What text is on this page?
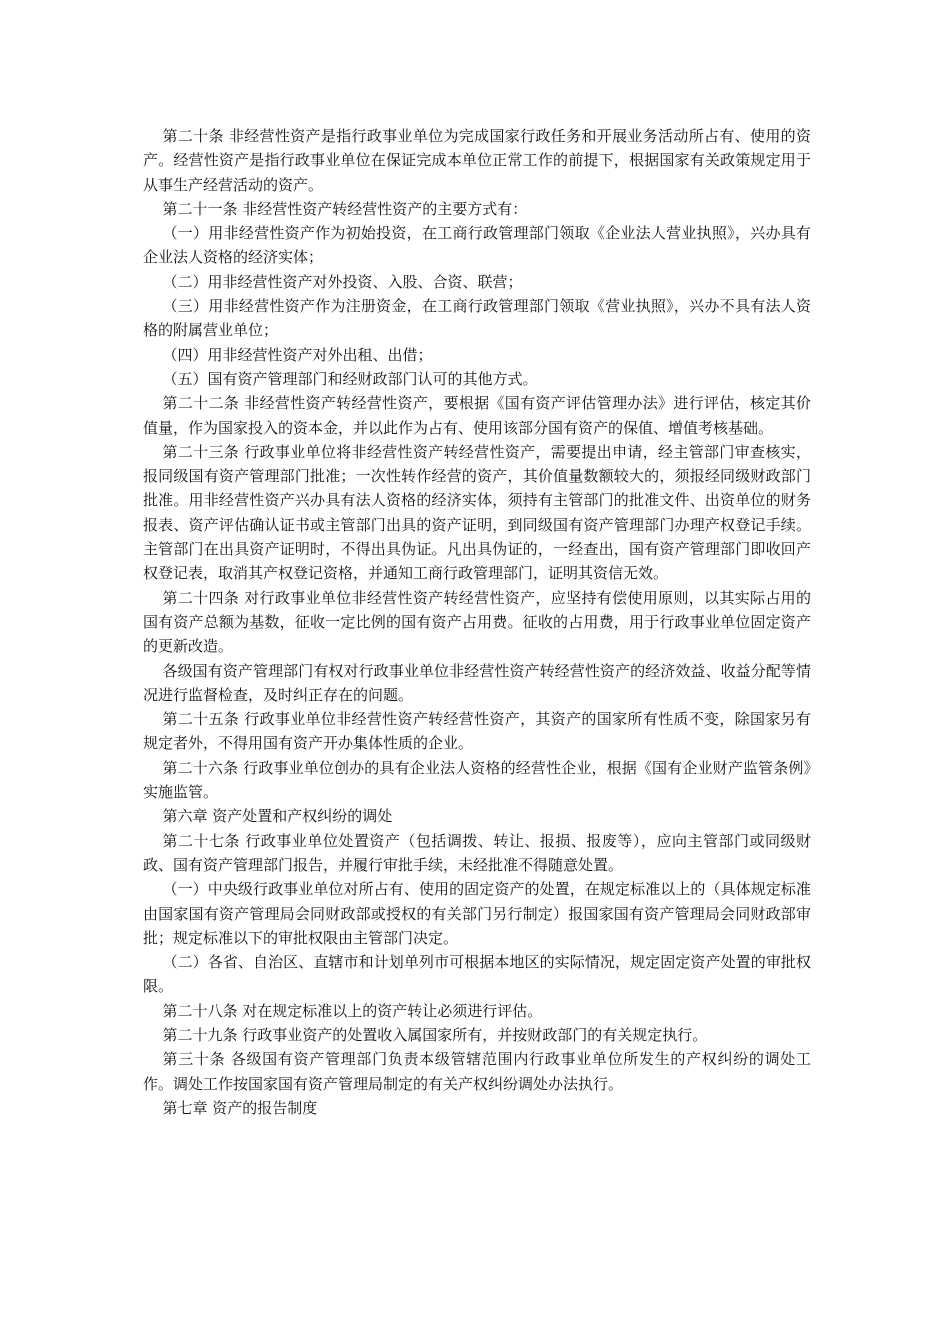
第二十条 非经营性资产是指行政事业单位为完成国家行政任务和开展业务活动所占有、使用的资产。经营性资产是指行政事业单位在保证完成本单位正常工作的前提下，根据国家有关政策规定用于从事生产经营活动的资产。

第二十一条 非经营性资产转经营性资产的主要方式有：

（一）用非经营性资产作为初始投资，在工商行政管理部门领取《企业法人营业执照》，兴办具有企业法人资格的经济实体；

（二）用非经营性资产对外投资、入股、合资、联营；

（三）用非经营性资产作为注册资金，在工商行政管理部门领取《营业执照》，兴办不具有法人资格的附属营业单位；

（四）用非经营性资产对外出租、出借；

（五）国有资产管理部门和经财政部门认可的其他方式。

第二十二条 非经营性资产转经营性资产，要根据《国有资产评估管理办法》进行评估，核定其价值量，作为国家投入的资本金，并以此作为占有、使用该部分国有资产的保值、增值考核基础。

第二十三条 行政事业单位将非经营性资产转经营性资产，需要提出申请，经主管部门审查核实，报同级国有资产管理部门批准；一次性转作经营的资产，其价值量数额较大的，须报经同级财政部门批准。用非经营性资产兴办具有法人资格的经济实体，须持有主管部门的批准文件、出资单位的财务报表、资产评估确认证书或主管部门出具的资产证明，到同级国有资产管理部门办理产权登记手续。主管部门在出具资产证明时，不得出具伪证。凡出具伪证的，一经查出，国有资产管理部门即收回产权登记表，取消其产权登记资格，并通知工商行政管理部门，证明其资信无效。

第二十四条 对行政事业单位非经营性资产转经营性资产，应坚持有偿使用原则，以其实际占用的国有资产总额为基数，征收一定比例的国有资产占用费。征收的占用费，用于行政事业单位固定资产的更新改造。

各级国有资产管理部门有权对行政事业单位非经营性资产转经营性资产的经济效益、收益分配等情况进行监督检查，及时纠正存在的问题。

第二十五条 行政事业单位非经营性资产转经营性资产，其资产的国家所有性质不变，除国家另有规定者外，不得用国有资产开办集体性质的企业。

第二十六条 行政事业单位创办的具有企业法人资格的经营性企业，根据《国有企业财产监管条例》实施监管。

第六章 资产处置和产权纠纷的调处

第二十七条 行政事业单位处置资产（包括调拨、转让、报损、报废等），应向主管部门或同级财政、国有资产管理部门报告，并履行审批手续，未经批准不得随意处置。

（一）中央级行政事业单位对所占有、使用的固定资产的处置，在规定标准以上的（具体规定标准由国家国有资产管理局会同财政部或授权的有关部门另行制定）报国家国有资产管理局会同财政部审批；规定标准以下的审批权限由主管部门决定。

（二）各省、自治区、直辖市和计划单列市可根据本地区的实际情况，规定固定资产处置的审批权限。

第二十八条 对在规定标准以上的资产转让必须进行评估。

第二十九条 行政事业资产的处置收入属国家所有，并按财政部门的有关规定执行。

第三十条 各级国有资产管理部门负责本级管辖范围内行政事业单位所发生的产权纠纷的调处工作。调处工作按国家国有资产管理局制定的有关产权纠纷调处办法执行。

第七章 资产的报告制度
